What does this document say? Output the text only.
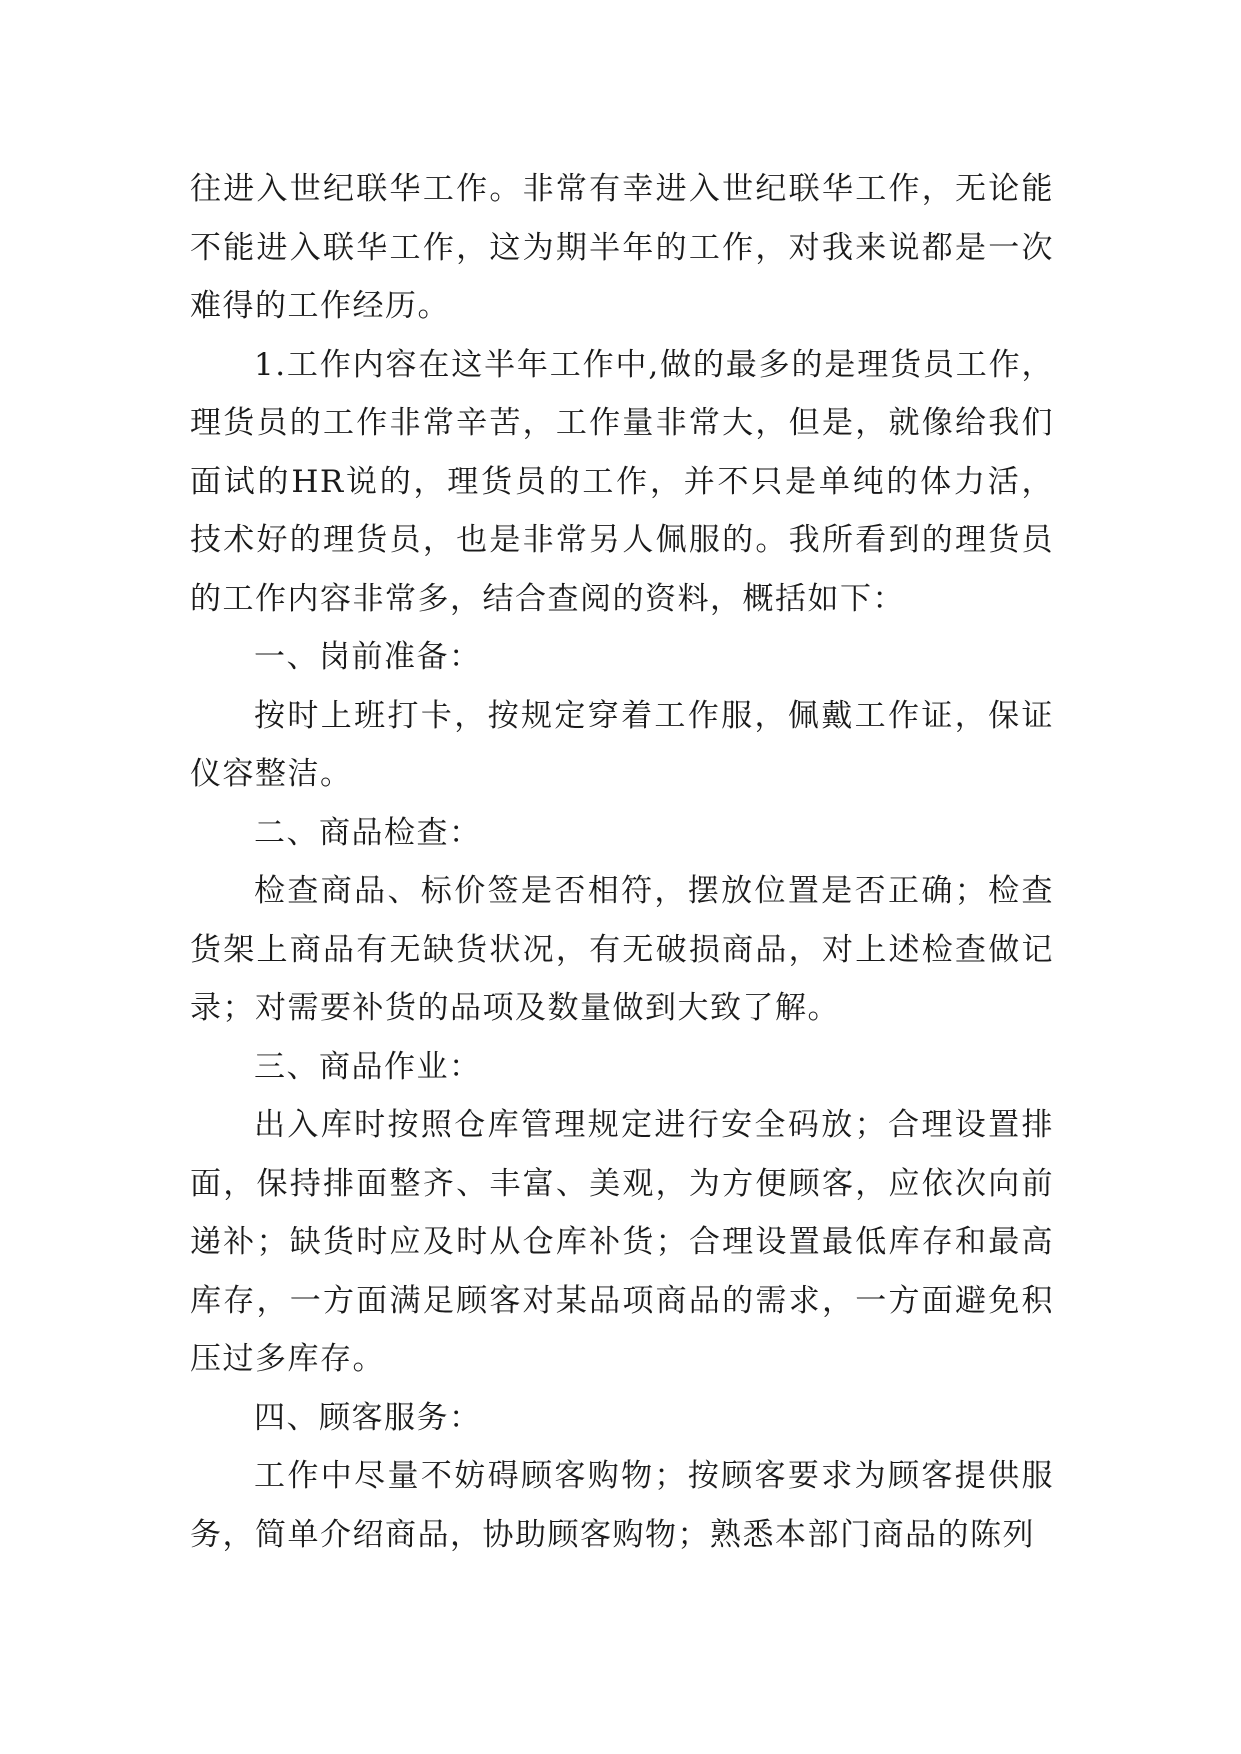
往进入世纪联华工作。非常有幸进入世纪联华工作，无论能不能进入联华工作，这为期半年的工作，对我来说都是一次难得的工作经历。

1.工作内容在这半年工作中,做的最多的是理货员工作，理货员的工作非常辛苦，工作量非常大，但是，就像给我们面试的HR说的，理货员的工作，并不只是单纯的体力活，技术好的理货员，也是非常另人佩服的。我所看到的理货员的工作内容非常多，结合查阅的资料，概括如下：

一、岗前准备：

按时上班打卡，按规定穿着工作服，佩戴工作证，保证仪容整洁。

二、商品检查：

检查商品、标价签是否相符，摆放位置是否正确；检查货架上商品有无缺货状况，有无破损商品，对上述检查做记录；对需要补货的品项及数量做到大致了解。

三、商品作业：

出入库时按照仓库管理规定进行安全码放；合理设置排面，保持排面整齐、丰富、美观，为方便顾客，应依次向前递补；缺货时应及时从仓库补货；合理设置最低库存和最高库存，一方面满足顾客对某品项商品的需求，一方面避免积压过多库存。

四、顾客服务：

工作中尽量不妨碍顾客购物；按顾客要求为顾客提供服务，简单介绍商品，协助顾客购物；熟悉本部门商品的陈列
